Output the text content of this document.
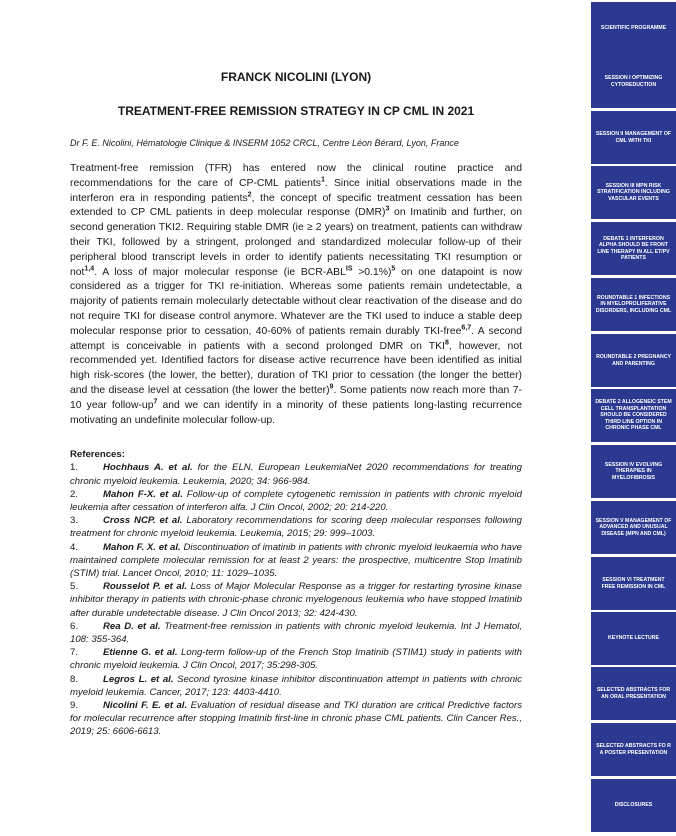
FRANCK NICOLINI (LYON)
TREATMENT-FREE REMISSION STRATEGY IN CP CML IN 2021

Dr F. E. Nicolini, Hématologie Clinique & INSERM 1052 CRCL, Centre Léon Bérard, Lyon, France

Treatment-free remission (TFR) has entered now the clinical routine practice and recommendations for the care of CP-CML patients$^1$. Since initial observations made in the interferon era in responding patients$^2$, the concept of specific treatment cessation has been extended to CP CML patients in deep molecular response (DMR)$^3$ on Imatinib and further, on second generation TKI2. Requiring stable DMR (ie ≥ 2 years) on treatment, patients can withdraw their TKI, followed by a stringent, prolonged and standardized molecular follow-up of their peripheral blood transcript levels in order to identify patients necessitating TKI resumption or not$^{1,4}$. A loss of major molecular response (ie BCR-$ABL^{IS} >0.1\%)^5$ on one datapoint is now considered as a trigger for TKI re-initiation. Whereas some patients remain undetectable, a majority of patients remain molecularly detectable without clear reactivation of the disease and do not require TKI for disease control anymore. Whatever are the TKI used to induce a stable deep molecular response prior to cessation, 40-60% of patients remain durably TKI-free$^{6,7}$. A second attempt is conceivable in patients with a second prolonged DMR on TKI$^8$, however, not recommended yet. Identified factors for disease active recurrence have been identified as initial high risk-scores (the lower, the better), duration of TKI prior to cessation (the longer the better) and the disease level at cessation (the lower the better)$^9$. Some patients now reach more than 7-10 year follow-$up^7$ and we can identify in a minority of these patients long-lasting recurrence motivating an undefinite molecular follow-up.

References:
1.	Hochhaus A. et al. for the ELN. European LeukemiaNet 2020 recommendations for treating chronic myeloid leukemia. Leukemia, 2020; 34: 966-984.
2.	Mahon F-X. et al. Follow-up of complete cytogenetic remission in patients with chronic myeloid leukemia after cessation of interferon alfa. J Clin Oncol, 2002; 20: 214-220.
3.	Cross NCP. et al. Laboratory recommendations for scoring deep molecular responses following treatment for chronic myeloid leukemia. Leukemia, 2015; 29: 999–1003.
4.	Mahon F. X. et al. Discontinuation of imatinib in patients with chronic myeloid leukaemia who have maintained complete molecular remission for at least 2 years: the prospective, multicentre Stop Imatinib (STIM) trial. Lancet Oncol, 2010; 11: 1029–1035.
5.	Rousselot P. et al. Loss of Major Molecular Response as a trigger for restarting tyrosine kinase inhibitor therapy in patients with chronic-phase chronic myelogenous leukemia who have stopped Imatinib after durable undetectable disease. J Clin Oncol 2013; 32: 424-430.
6.	Rea D. et al. Treatment-free remission in patients with chronic myeloid leukemia. Int J Hematol, 108: 355-364.
7.	Etienne G. et al. Long-term follow-up of the French Stop Imatinib (STIM1) study in patients with chronic myeloid leukemia. J Clin Oncol, 2017; 35:298-305.
8.	Legros L. et al. Second tyrosine kinase inhibitor discontinuation attempt in patients with chronic myeloid leukemia. Cancer, 2017; 123: 4403-4410.
9.	Nicolini F. E. et al. Evaluation of residual disease and TKI duration are critical Predictive factors for molecular recurrence after stopping Imatinib first-line in chronic phase CML patients. Clin Cancer Res., 2019; 25: 6606-6613.
SCIENTIFIC PROGRAMME
SESSION I OPTIMIZING CYTOREDUCTION
SESSION II MANAGEMENT OF CML WITH TKI
SESSION III MPN RISK STRATIFICATION INCLUDING VASCULAR EVENTS
DEBATE 1 INTERFERON ALPHA SHOULD BE FRONT LINE THERAPY IN ALL ET/PV PATIENTS
ROUNDTABLE 1 INFECTIONS IN MYELOPROLIFERATIVE DISORDERS, INCLUDING CML
ROUNDTABLE 2 PREGNANCY AND PARENTING
DEBATE 2 ALLOGENEIC STEM CELL TRANSPLANTATION SHOULD BE CONSIDERED THIRD LINE OPTION IN CHRONIC PHASE CML
SESSION IV EVOLVING THERAPIES IN MYELOFIBROSIS
SESSION V MANAGEMENT OF ADVANCED AND UNUSUAL DISEASE (MPN AND CML)
SESSION VI TREATMENT FREE REMISSION IN CML
KEYNOTE LECTURE
SELECTED ABSTRACTS FOR AN ORAL PRESENTATION
SELECTED ABSTRACTS FO R A POSTER PRESENTATION
DISCLOSURES
